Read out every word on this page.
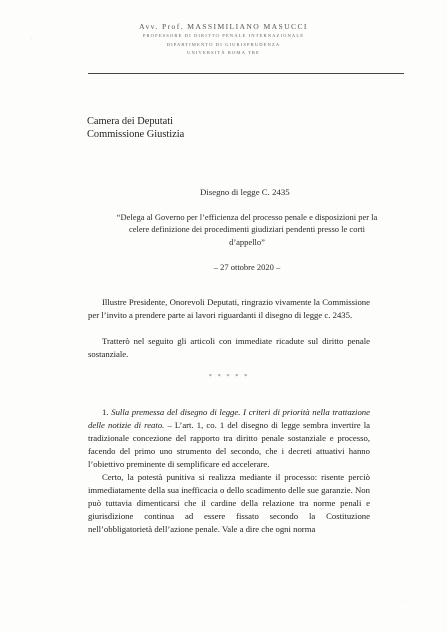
Avv. Prof. MASSIMILIANO MASUCCI
PROFESSORE DI DIRITTO PENALE INTERNAZIONALE
DIPARTIMENTO DI GIURISPRUDENZA
UNIVERSITÀ ROMA TRE
Camera dei Deputati
Commissione Giustizia
Disegno di legge C. 2435
“Delega al Governo per l’efficienza del processo penale e disposizioni per la celere definizione dei procedimenti giudiziari pendenti presso le corti d’appello”
– 27 ottobre 2020 –
Illustre Presidente, Onorevoli Deputati, ringrazio vivamente la Commissione per l’invito a prendere parte ai lavori riguardanti il disegno di legge c. 2435.
Tratterò nel seguito gli articoli con immediate ricadute sul diritto penale sostanziale.
* * * * *
1. Sulla premessa del disegno di legge. I criteri di priorità nella trattazione delle notizie di reato. – L’art. 1, co. 1 del disegno di legge sembra invertire la tradizionale concezione del rapporto tra diritto penale sostanziale e processo, facendo del primo uno strumento del secondo, che i decreti attuativi hanno l’obiettivo preminente di semplificare ed accelerare.
Certo, la potestà punitiva si realizza mediante il processo: risente perciò immediatamente della sua inefficacia o dello scadimento delle sue garanzie. Non può tuttavia dimenticarsi che il cardine della relazione tra norme penali e giurisdizione continua ad essere fissato secondo la Costituzione nell’obbligatorietà dell’azione penale. Vale a dire che ogni norma
·
·
